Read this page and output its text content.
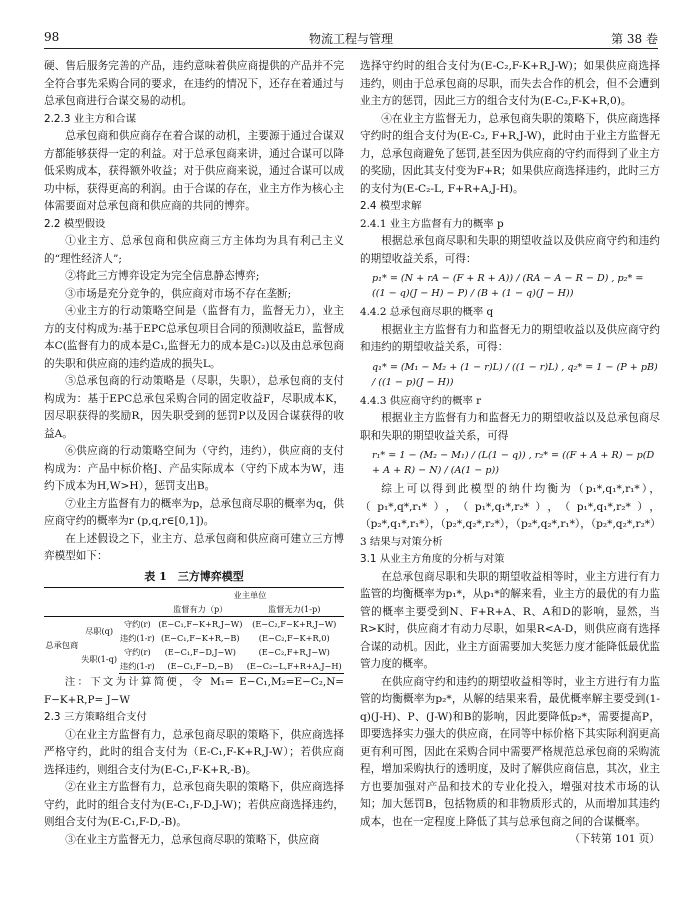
98	物流工程与管理	第 38 卷

硬、售后服务完善的产品，违约意味着供应商提供的产品并不完全符合事先采购合同的要求，在违约的情况下，还存在着通过与总承包商进行合谋交易的动机。

2.2.3 业主方和合谋

总承包商和供应商存在着合谋的动机，主要源于通过合谋双方都能够获得一定的利益。对于总承包商来讲，通过合谋可以降低采购成本，获得额外收益；对于供应商来说，通过合谋可以成功中标，获得更高的利润。由于合谋的存在，业主方作为核心主体需要面对总承包商和供应商的共同的博弈。

2.2 模型假设

①业主方、总承包商和供应商三方主体均为具有利己主义的“理性经济人”;

②将此三方博弈设定为完全信息静态博弈;

③市场是充分竞争的，供应商对市场不存在垄断;

④业主方的行动策略空间是（监督有力，监督无力），业主方的支付构成为:基于EPC总承包项目合同的预测收益E，监督成本C(监督有力的成本是C₁,监督无力的成本是C₂)以及由总承包商的失职和供应商的违约造成的损失L。

⑤总承包商的行动策略是（尽职，失职），总承包商的支付构成为：基于EPC总承包采购合同的固定收益F，尽职成本K，因尽职获得的奖励R，因失职受到的惩罚P以及因合谋获得的收益A。

⑥供应商的行动策略空间为（守约，违约），供应商的支付构成为：产品中标价格J、产品实际成本（守约下成本为W，违约下成本为H,W>H），惩罚支出B。

⑦业主方监督有力的概率为p，总承包商尽职的概率为q，供应商守约的概率为r (p,q,r∈[0,1])。

在上述假设之下，业主方、总承包商和供应商可建立三方博弈模型如下：

表 1　三方博弈模型
			业主单位	
			监督有力（p）	监督无力(1-p)
总承包商	尽职(q)	守约(r)	(E−C₁,F−K+R,J−W)	(E−C₂,F−K+R,J−W)
		违约(1-r)	(E−C₁,F−K+R,−B)	(E−C₂,F−K+R,0)
	失职(1-q)	守约(r)	(E−C₁,F−D,J−W)	(E−C₂,F+R,J−W)
		违约(1-r)	(E−C₁,F−D,−B)	(E−C₂−L,F+R+A,J−H)

注：下文为计算简便，令 M₁= E−C₁,M₂=E−C₂,N= F−K+R,P= J−W

2.3 三方策略组合支付

①在业主方监督有力，总承包商尽职的策略下，供应商选择严格守约，此时的组合支付为（E-C₁,F-K+R,J-W）；若供应商选择违约，则组合支付为(E-C₁,F-K+R,-B)。

②在业主方监督有力，总承包商失职的策略下，供应商选择守约，此时的组合支付为(E-C₁,F-D,J-W)；若供应商选择违约，则组合支付为(E-C₁,F-D,-B)。

③在业主方监督无力，总承包商尽职的策略下，供应商

选择守约时的组合支付为(E-C₂,F-K+R,J-W)；如果供应商选择违约，则由于总承包商的尽职，而失去合作的机会，但不会遭到业主方的惩罚，因此三方的组合支付为(E-C₂,F-K+R,0)。

④在业主方监督无力，总承包商失职的策略下，供应商选择守约时的组合支付为(E-C₂, F+R,J-W)，此时由于业主方监督无力，总承包商避免了惩罚,甚至因为供应商的守约而得到了业主方的奖励，因此其支付变为F+R；如果供应商选择违约，此时三方的支付为(E-C₂-L, F+R+A,J-H)。

2.4 模型求解

2.4.1 业主方监督有力的概率 p

根据总承包商尽职和失职的期望收益以及供应商守约和违约的期望收益关系，可得：

p₁* = (N + rA − (F + R + A)) / (RA − A − R − D) , p₂* = ((1 − q)(J − H) − P) / (B + (1 − q)(J − H))

4.4.2 总承包商尽职的概率 q

根据业主方监督有力和监督无力的期望收益以及供应商守约和违约的期望收益关系，可得：

q₁* = (M₁ − M₂ + (1 − r)L) / ((1 − r)L) , q₂* = 1 − (P + pB) / ((1 − p)(J − H))

4.4.3 供应商守约的概率 r

根据业主方监督有力和监督无力的期望收益以及总承包商尽职和失职的期望收益关系，可得

r₁* = 1 − (M₂ − M₁) / (L(1 − q)) , r₂* = ((F + A + R) − p(D + A + R) − N) / (A(1 − p))

综上可以得到此模型的纳什均衡为（p₁*,q₁*,r₁*），（p₁*,q*,r₁*），（p₁*,q₁*,r₂*），（p₁*,q₁*,r₂*），（p₂*,q₁*,r₁*），（p₂*,q₂*,r₂*），（p₂*,q₂*,r₁*），（p₂*,q₂*,r₂*）

3 结果与对策分析

3.1 从业主方角度的分析与对策

在总承包商尽职和失职的期望收益相等时，业主方进行有力监管的均衡概率为p₁*，从p₁*的解来看，业主方的最优的有力监管的概率主要受到N、F+R+A、R、A和D的影响，显然，当R>K时，供应商才有动力尽职，如果R<A-D，则供应商有选择合谋的动机。因此，业主方面需要加大奖惩力度才能降低最优监管力度的概率。

在供应商守约和违约的期望收益相等时，业主方进行有力监管的均衡概率为p₂*，从解的结果来看，最优概率解主要受到(1-q)(J-H)、P、(J-W)和B的影响，因此要降低p₂*，需要提高P，即要选择实力强大的供应商，在同等中标价格下其实际利润更高更有利可图，因此在采购合同中需要严格规范总承包商的采购流程，增加采购执行的透明度，及时了解供应商信息，其次，业主方也要加强对产品和技术的专业化投入，增强对技术市场的认知；加大惩罚B，包括物质的和非物质形式的，从而增加其违约成本，也在一定程度上降低了其与总承包商之间的合谋概率。

（下转第 101 页）
